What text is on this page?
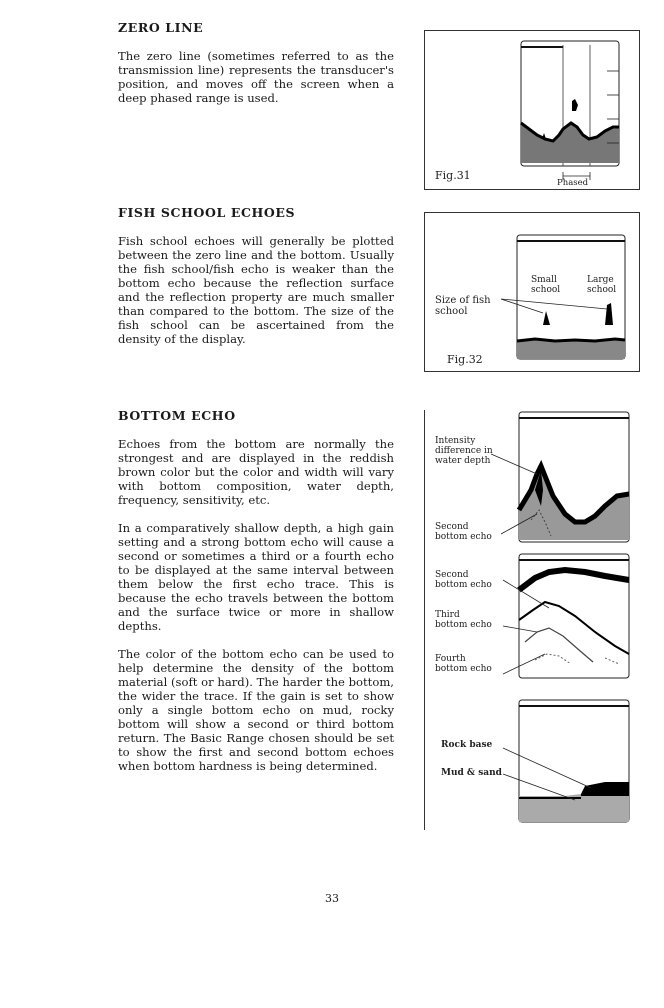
ZERO LINE

The zero line (sometimes referred to as the transmission line) represents the transducer's position, and moves off the screen when a deep phased range is used.

FISH SCHOOL ECHOES

Fish school echoes will generally be plotted between the zero line and the bottom. Usually the fish school/fish echo is weaker than the bottom echo because the reflection surface and the reflection property are much smaller than compared to the bottom. The size of the fish school can be ascertained from the density of the display.

BOTTOM ECHO

Echoes from the bottom are normally the strongest and are displayed in the reddish brown color but the color and width will vary with bottom composition, water depth, frequency, sensitivity, etc.

In a comparatively shallow depth, a high gain setting and a strong bottom echo will cause a second or sometimes a third or a fourth echo to be displayed at the same interval between them below the first echo trace. This is because the echo travels between the bottom and the surface twice or more in shallow depths.

The color of the bottom echo can be used to help determine the density of the bottom material (soft or hard). The harder the bottom, the wider the trace. If the gain is set to show only a single bottom echo on mud, rocky bottom will show a second or third bottom return. The Basic Range chosen should be set to show the first and second bottom echoes when bottom hardness is being determined.

Fig.31
Phased
Small
school
Large
school
Size of fish
school
Fig.32
Intensity
difference in
water depth
Second
bottom echo
Second
bottom echo
Third
bottom echo
Fourth
bottom echo
Rock base
Mud & sand
33
